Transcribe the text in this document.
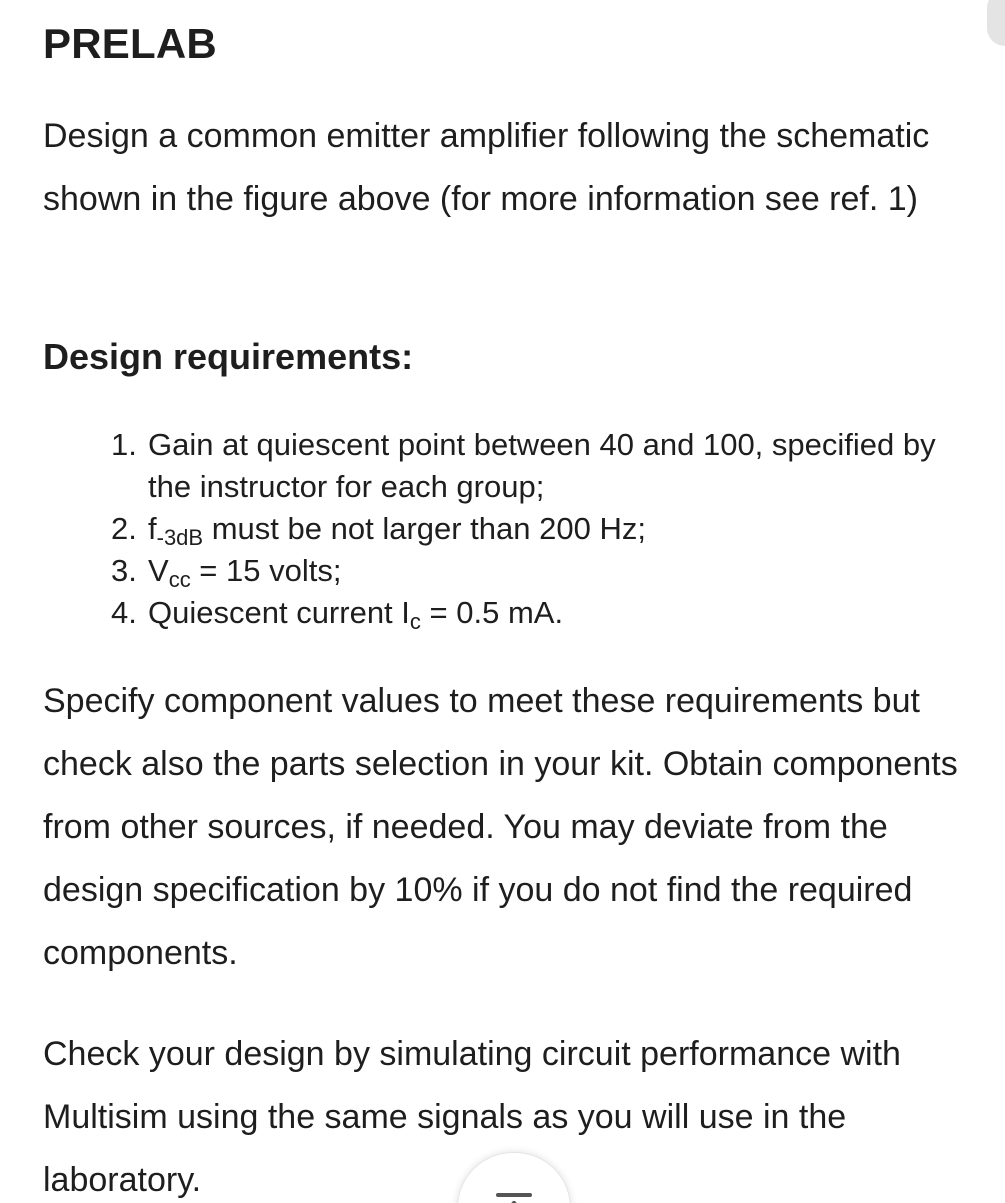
PRELAB

Design a common emitter amplifier following the schematic shown in the figure above (for more information see ref. 1)

Design requirements:
1. Gain at quiescent point between 40 and 100, specified by the instructor for each group;
2. $f_{-3dB}$ must be not larger than 200 Hz;
3. $V_{cc} = 15$ volts;
4. Quiescent current $I_c = 0.5$ mA.

Specify component values to meet these requirements but check also the parts selection in your kit. Obtain components from other sources, if needed. You may deviate from the design specification by 10% if you do not find the required components.

Check your design by simulating circuit performance with Multisim using the same signals as you will use in the laboratory.
